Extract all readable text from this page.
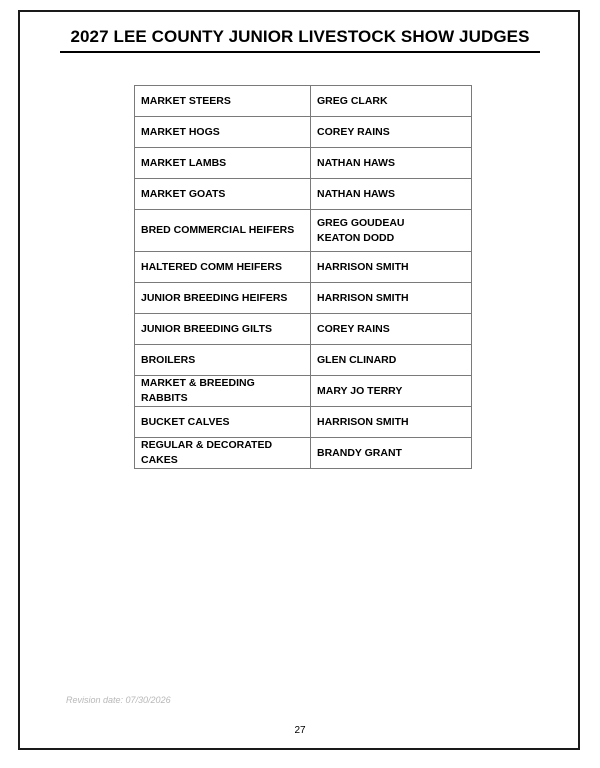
2027 LEE COUNTY JUNIOR LIVESTOCK SHOW JUDGES
MARKET STEERS	GREG CLARK

MARKET HOGS	COREY RAINS

MARKET LAMBS	NATHAN HAWS

MARKET GOATS	NATHAN HAWS

BRED COMMERCIAL HEIFERS	GREG GOUDEAU
KEATON DODD

HALTERED COMM HEIFERS	HARRISON SMITH

JUNIOR BREEDING HEIFERS	HARRISON SMITH

JUNIOR BREEDING GILTS	COREY RAINS

BROILERS	GLEN CLINARD

MARKET & BREEDING RABBITS	MARY JO TERRY

BUCKET CALVES	HARRISON SMITH

REGULAR & DECORATED CAKES	BRANDY GRANT
Revision date: 07/30/2026
27
